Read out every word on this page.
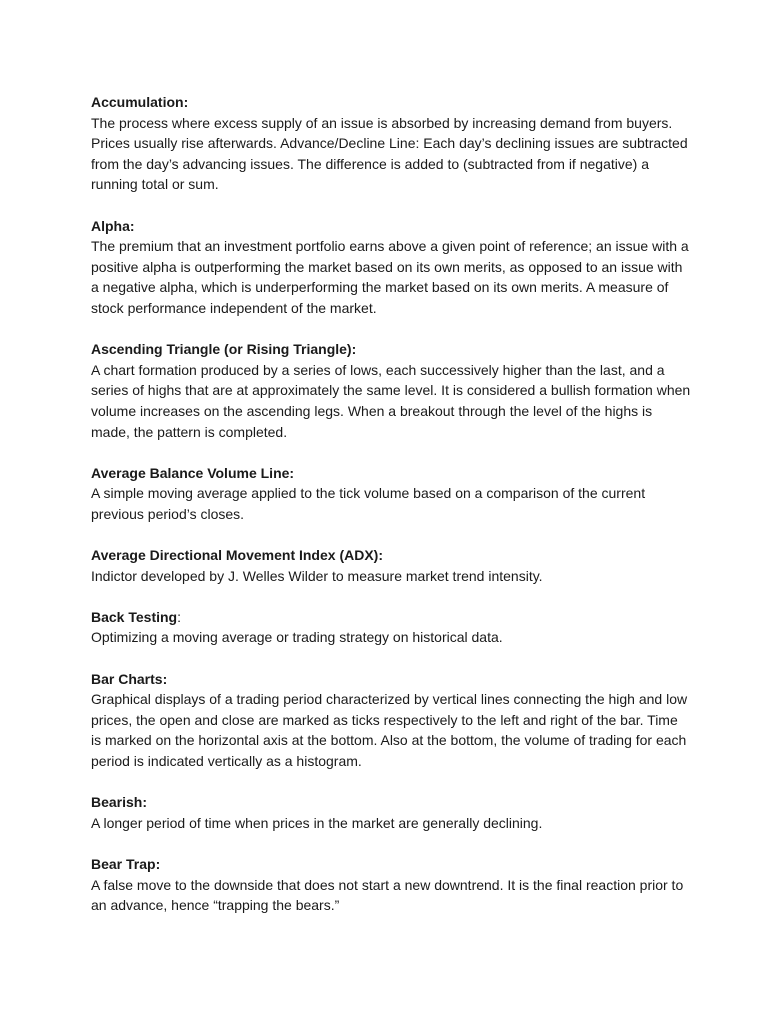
Accumulation:
The process where excess supply of an issue is absorbed by increasing demand from buyers. Prices usually rise afterwards. Advance/Decline Line: Each day’s declining issues are subtracted from the day’s advancing issues. The difference is added to (subtracted from if negative) a running total or sum.
Alpha:
The premium that an investment portfolio earns above a given point of reference; an issue with a positive alpha is outperforming the market based on its own merits, as opposed to an issue with a negative alpha, which is underperforming the market based on its own merits. A measure of stock performance independent of the market.
Ascending Triangle (or Rising Triangle):
A chart formation produced by a series of lows, each successively higher than the last, and a series of highs that are at approximately the same level. It is considered a bullish formation when volume increases on the ascending legs. When a breakout through the level of the highs is made, the pattern is completed.
Average Balance Volume Line:
A simple moving average applied to the tick volume based on a comparison of the current previous period’s closes.
Average Directional Movement Index (ADX):
Indictor developed by J. Welles Wilder to measure market trend intensity.
Back Testing:
Optimizing a moving average or trading strategy on historical data.
Bar Charts:
Graphical displays of a trading period characterized by vertical lines connecting the high and low prices, the open and close are marked as ticks respectively to the left and right of the bar. Time is marked on the horizontal axis at the bottom. Also at the bottom, the volume of trading for each period is indicated vertically as a histogram.
Bearish:
A longer period of time when prices in the market are generally declining.
Bear Trap:
A false move to the downside that does not start a new downtrend. It is the final reaction prior to an advance, hence “trapping the bears.”
